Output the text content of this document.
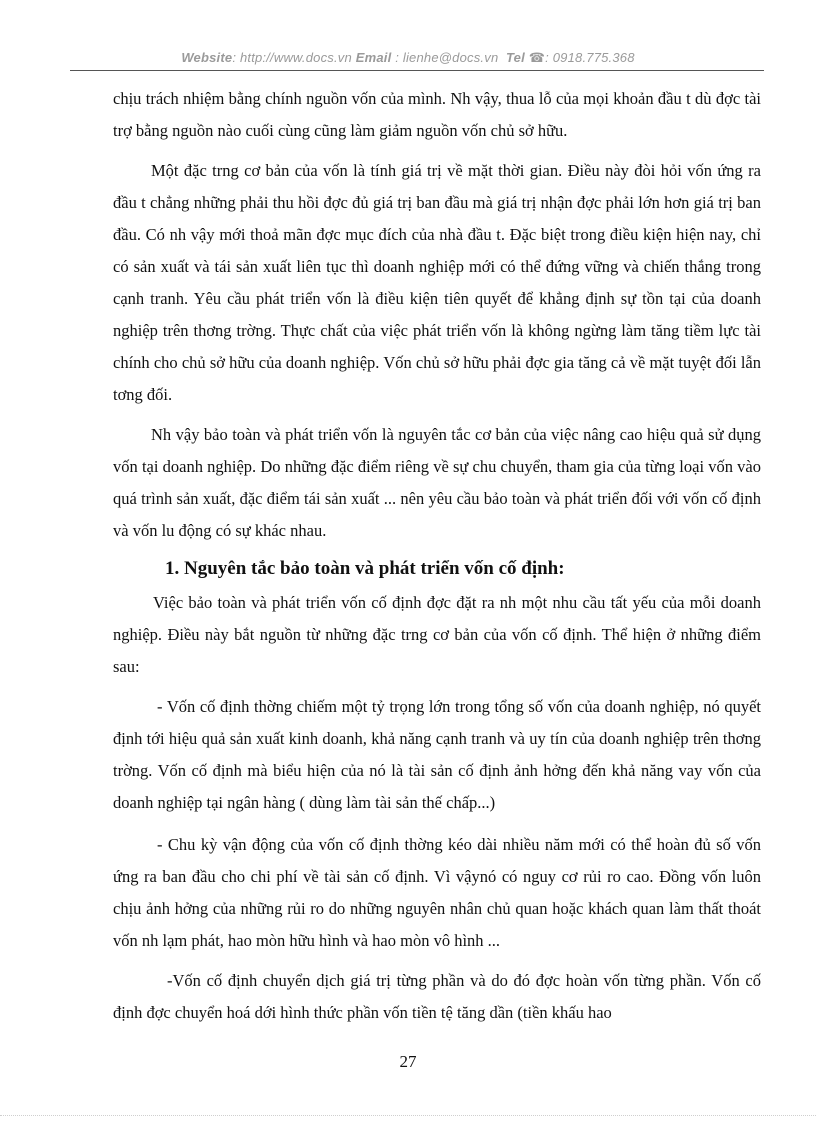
Website: http://www.docs.vn Email : lienhe@docs.vn Tel ☎: 0918.775.368

chịu trách nhiệm bằng chính nguồn vốn của mình. Nh vậy, thua lỗ của mọi khoản đầu t dù đợc tài trợ bằng nguồn nào cuối cùng cũng làm giảm nguồn vốn chủ sở hữu.

Một đặc trng cơ bản của vốn là tính giá trị về mặt thời gian. Điều này đòi hỏi vốn ứng ra đầu t chẳng những phải thu hồi đợc đủ giá trị ban đầu mà giá trị nhận đợc phải lớn hơn giá trị ban đầu. Có nh vậy mới thoả mãn đợc mục đích của nhà đầu t. Đặc biệt trong điều kiện hiện nay, chỉ có sản xuất và tái sản xuất liên tục thì doanh nghiệp mới có thể đứng vững và chiến thắng trong cạnh tranh. Yêu cầu phát triển vốn là điều kiện tiên quyết để khẳng định sự tồn tại của doanh nghiệp trên thơng trờng. Thực chất của việc phát triển vốn là không ngừng làm tăng tiềm lực tài chính cho chủ sở hữu của doanh nghiệp. Vốn chủ sở hữu phải đợc gia tăng cả về mặt tuyệt đối lẫn tơng đối.

Nh vậy bảo toàn và phát triển vốn là nguyên tắc cơ bản của việc nâng cao hiệu quả sử dụng vốn tại doanh nghiệp. Do những đặc điểm riêng về sự chu chuyển, tham gia của từng loại vốn vào quá trình sản xuất, đặc điểm tái sản xuất ... nên yêu cầu bảo toàn và phát triển đối với vốn cố định và vốn lu động có sự khác nhau.

1. Nguyên tắc bảo toàn và phát triển vốn cố định:

Việc bảo toàn và phát triển vốn cố định đợc đặt ra nh một nhu cầu tất yếu của mỗi doanh nghiệp. Điều này bắt nguồn từ những đặc trng cơ bản của vốn cố định. Thể hiện ở những điểm sau:

- Vốn cố định thờng chiếm một tỷ trọng lớn trong tổng số vốn của doanh nghiệp, nó quyết định tới hiệu quả sản xuất kinh doanh, khả năng cạnh tranh và uy tín của doanh nghiệp trên thơng trờng. Vốn cố định mà biểu hiện của nó là tài sản cố định ảnh hởng đến khả năng vay vốn của doanh nghiệp tại ngân hàng ( dùng làm tài sản thế chấp...)

- Chu kỳ vận động của vốn cố định thờng kéo dài nhiều năm mới có thể hoàn đủ số vốn ứng ra ban đầu cho chi phí về tài sản cố định. Vì vậynó có nguy cơ rủi ro cao. Đồng vốn luôn chịu ảnh hởng của những rủi ro do những nguyên nhân chủ quan hoặc khách quan làm thất thoát vốn nh lạm phát, hao mòn hữu hình và hao mòn vô hình ...

-Vốn cố định chuyển dịch giá trị từng phần và do đó đợc hoàn vốn từng phần. Vốn cố định đợc chuyển hoá dới hình thức phần vốn tiền tệ tăng dần (tiền khấu hao

27
